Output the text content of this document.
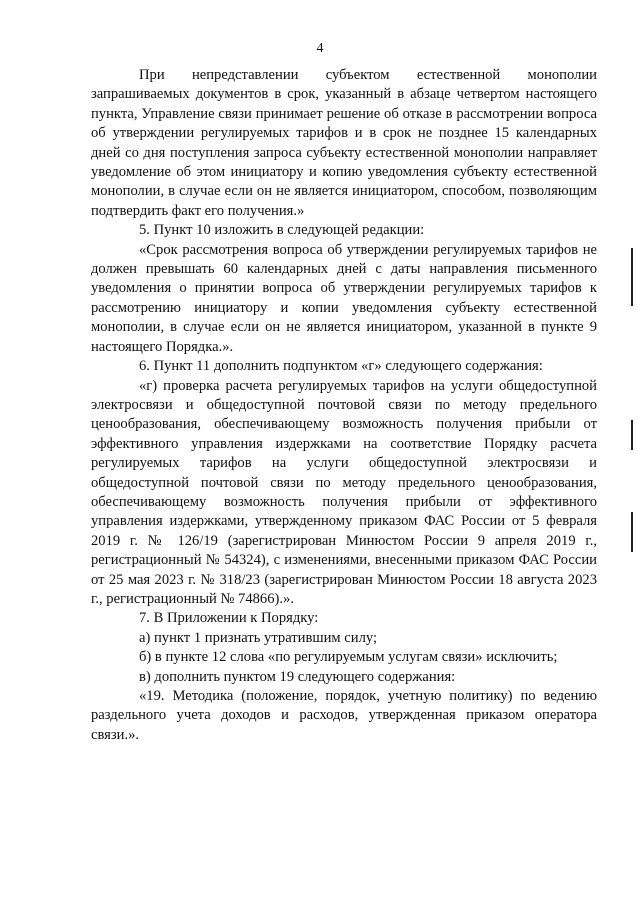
4

При непредставлении субъектом естественной монополии запрашиваемых документов в срок, указанный в абзаце четвертом настоящего пункта, Управление связи принимает решение об отказе в рассмотрении вопроса об утверждении регулируемых тарифов и в срок не позднее 15 календарных дней со дня поступления запроса субъекту естественной монополии направляет уведомление об этом инициатору и копию уведомления субъекту естественной монополии, в случае если он не является инициатором, способом, позволяющим подтвердить факт его получения.»

5. Пункт 10 изложить в следующей редакции:

«Срок рассмотрения вопроса об утверждении регулируемых тарифов не должен превышать 60 календарных дней с даты направления письменного уведомления о принятии вопроса об утверждении регулируемых тарифов к рассмотрению инициатору и копии уведомления субъекту естественной монополии, в случае если он не является инициатором, указанной в пункте 9 настоящего Порядка.».

6. Пункт 11 дополнить подпунктом «г» следующего содержания:

«г) проверка расчета регулируемых тарифов на услуги общедоступной электросвязи и общедоступной почтовой связи по методу предельного ценообразования, обеспечивающему возможность получения прибыли от эффективного управления издержками на соответствие Порядку расчета регулируемых тарифов на услуги общедоступной электросвязи и общедоступной почтовой связи по методу предельного ценообразования, обеспечивающему возможность получения прибыли от эффективного управления издержками, утвержденному приказом ФАС России от 5 февраля 2019 г. № 126/19 (зарегистрирован Минюстом России 9 апреля 2019 г., регистрационный № 54324), с изменениями, внесенными приказом ФАС России от 25 мая 2023 г. № 318/23 (зарегистрирован Минюстом России 18 августа 2023 г., регистрационный № 74866).».

7. В Приложении к Порядку:

а) пункт 1 признать утратившим силу;

б) в пункте 12 слова «по регулируемым услугам связи» исключить;

в) дополнить пунктом 19 следующего содержания:

«19. Методика (положение, порядок, учетную политику) по ведению раздельного учета доходов и расходов, утвержденная приказом оператора связи.».
